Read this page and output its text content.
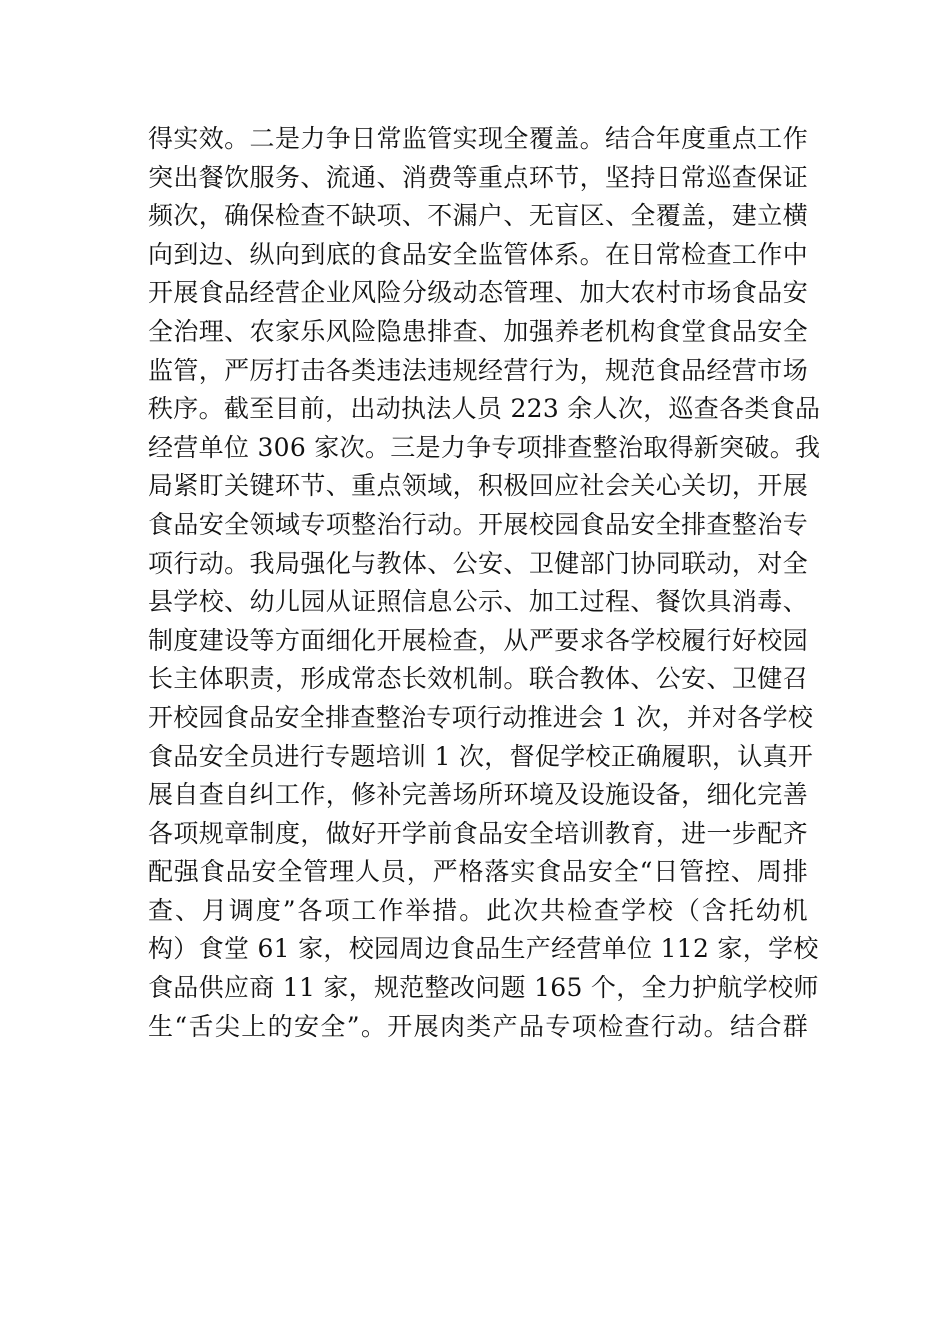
得实效。二是力争日常监管实现全覆盖。结合年度重点工作
突出餐饮服务、流通、消费等重点环节，坚持日常巡查保证
频次，确保检查不缺项、不漏户、无盲区、全覆盖，建立横
向到边、纵向到底的食品安全监管体系。在日常检查工作中
开展食品经营企业风险分级动态管理、加大农村市场食品安
全治理、农家乐风险隐患排查、加强养老机构食堂食品安全
监管，严厉打击各类违法违规经营行为，规范食品经营市场
秩序。截至目前，出动执法人员 223 余人次，巡查各类食品
经营单位 306 家次。三是力争专项排查整治取得新突破。我
局紧盯关键环节、重点领域，积极回应社会关心关切，开展
食品安全领域专项整治行动。开展校园食品安全排查整治专
项行动。我局强化与教体、公安、卫健部门协同联动，对全
县学校、幼儿园从证照信息公示、加工过程、餐饮具消毒、
制度建设等方面细化开展检查，从严要求各学校履行好校园
长主体职责，形成常态长效机制。联合教体、公安、卫健召
开校园食品安全排查整治专项行动推进会 1 次，并对各学校
食品安全员进行专题培训 1 次，督促学校正确履职，认真开
展自查自纠工作，修补完善场所环境及设施设备，细化完善
各项规章制度，做好开学前食品安全培训教育，进一步配齐
配强食品安全管理人员，严格落实食品安全“日管控、周排
查、月调度”各项工作举措。此次共检查学校（含托幼机
构）食堂 61 家，校园周边食品生产经营单位 112 家，学校
食品供应商 11 家，规范整改问题 165 个，全力护航学校师
生“舌尖上的安全”。开展肉类产品专项检查行动。结合群
